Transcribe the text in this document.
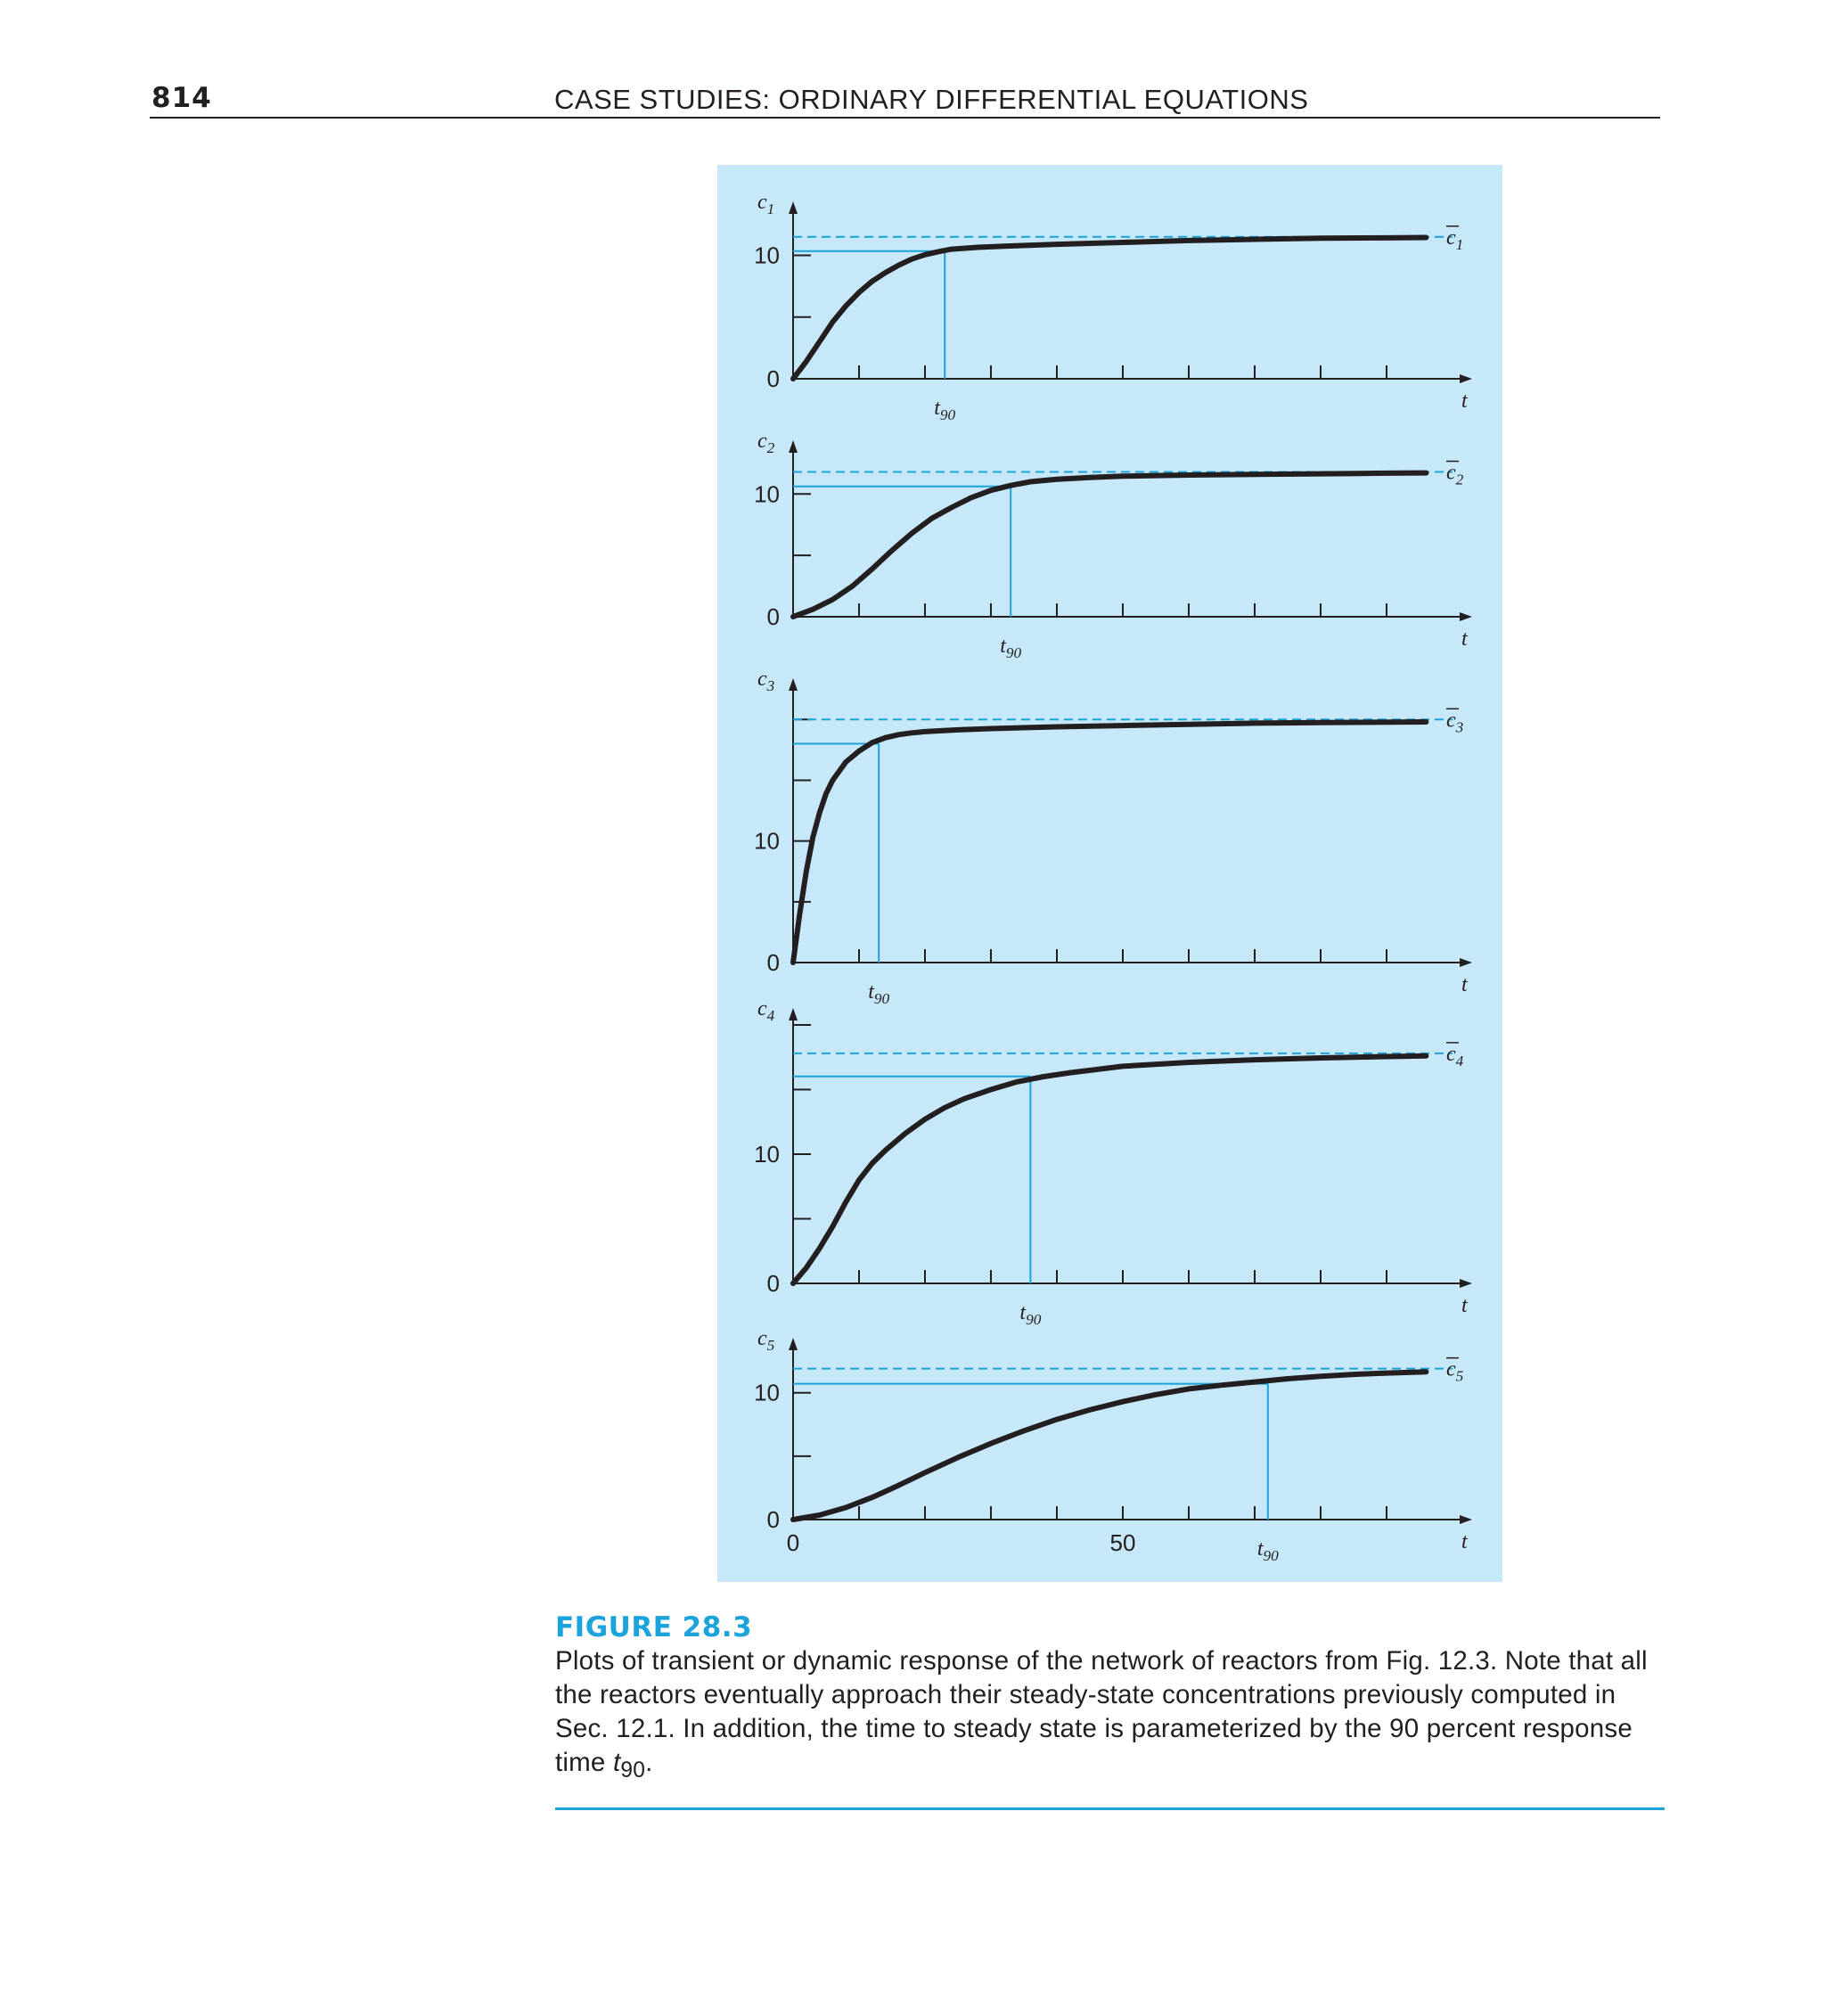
814	CASE STUDIES: ORDINARY DIFFERENTIAL EQUATIONS
0
10
t
$c_1$
$c_1$
$t_{90}$
0
10
t
$c_2$
$c_2$
$t_{90}$
0
10
t
$c_3$
$c_3$
$t_{90}$
0
10
t
$c_4$
$c_4$
$t_{90}$
0
10
0	50	t
$c_5$
$c_5$
$t_{90}$
FIGURE 28.3
Plots of transient or dynamic response of the network of reactors from Fig. 12.3. Note that all the reactors eventually approach their steady-state concentrations previously computed in Sec. 12.1. In addition, the time to steady state is parameterized by the 90 percent response time $t_{90}$.
